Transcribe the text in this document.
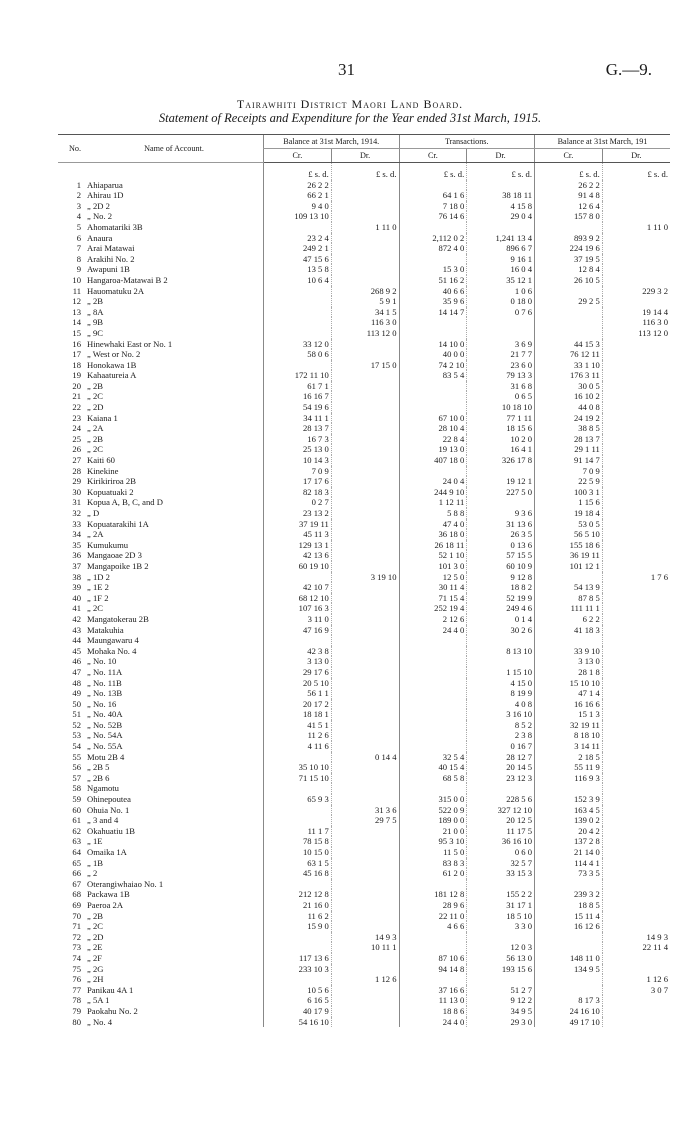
31	G.—9.
Tairawhiti District Maori Land Board.
Statement of Receipts and Expenditure for the Year ended 31st March, 1915.
No.	Name of Account.	Balance at 31st March, 1914.		Transactions.		Balance at 31st March, 191	
		Cr.	Dr.	Cr.	Dr.	Cr.	Dr.
		£ s. d.	£ s. d.	£ s. d.	£ s. d.	£ s. d.	£ s. d.
1	Ahiaparua	26 2 2				26 2 2	
2	Ahirau 1D	66 2 1		64 1 6	38 18 11	91 4 8	
3	„ 2D 2	9 4 0		7 18 0	4 15 8	12 6 4	
4	„ No. 2	109 13 10		76 14 6	29 0 4	157 8 0	
5	Ahomatariki 3B		1 11 0				1 11 0
6	Anaura	23 2 4		2,112 0 2	1,241 13 4	893 9 2	
7	Arai Matawai	249 2 1		872 4 0	896 6 7	224 19 6	
8	Arakihi No. 2	47 15 6			9 16 1	37 19 5	
9	Awapuni 1B	13 5 8		15 3 0	16 0 4	12 8 4	
10	Hangaroa-Matawai B 2	10 6 4		51 16 2	35 12 1	26 10 5	
11	Hauomatuku 2A		268 9 2	40 6 6	1 0 6		229 3 2
12	„ 2B		5 9 1	35 9 6	0 18 0	29 2 5	
13	„ 8A		34 1 5	14 14 7	0 7 6		19 14 4
14	„ 9B		116 3 0				116 3 0
15	„ 9C		113 12 0				113 12 0
16	Hinewhaki East or No. 1	33 12 0		14 10 0	3 6 9	44 15 3	
17	„ West or No. 2	58 0 6		40 0 0	21 7 7	76 12 11	
18	Honokawa 1B		17 15 0	74 2 10	23 6 0	33 1 10	
19	Kahaatureia A	172 11 10		83 5 4	79 13 3	176 3 11	
20	„ 2B	61 7 1			31 6 8	30 0 5	
21	„ 2C	16 16 7			0 6 5	16 10 2	
22	„ 2D	54 19 6			10 18 10	44 0 8	
23	Kaiana 1	34 11 1		67 10 0	77 1 11	24 19 2	
24	„ 2A	28 13 7		28 10 4	18 15 6	38 8 5	
25	„ 2B	16 7 3		22 8 4	10 2 0	28 13 7	
26	„ 2C	25 13 0		19 13 0	16 4 1	29 1 11	
27	Kaiti 60	10 14 3		407 18 0	326 17 8	91 14 7	
28	Kinekine	7 0 9				7 0 9	
29	Kirikiriroa 2B	17 17 6		24 0 4	19 12 1	22 5 9	
30	Kopuatuaki 2	82 18 3		244 9 10	227 5 0	100 3 1	
31	Kopua A, B, C, and D	0 2 7		1 12 11		1 15 6	
32	„ D	23 13 2		5 8 8	9 3 6	19 18 4	
33	Kopuatarakihi 1A	37 19 11		47 4 0	31 13 6	53 0 5	
34	„ 2A	45 11 3		36 18 0	26 3 5	56 5 10	
35	Kumukumu	129 13 1		26 18 11	0 13 6	155 18 6	
36	Mangaoae 2D 3	42 13 6		52 1 10	57 15 5	36 19 11	
37	Mangapoike 1B 2	60 19 10		101 3 0	60 10 9	101 12 1	
38	„ 1D 2		3 19 10	12 5 0	9 12 8		1 7 6
39	„ 1E 2	42 10 7		30 11 4	18 8 2	54 13 9	
40	„ 1F 2	68 12 10		71 15 4	52 19 9	87 8 5	
41	„ 2C	107 16 3		252 19 4	249 4 6	111 11 1	
42	Mangatokerau 2B	3 11 0		2 12 6	0 1 4	6 2 2	
43	Matakuhia	47 16 9		24 4 0	30 2 6	41 18 3	
44	Maungawaru 4						
45	Mohaka No. 4	42 3 8			8 13 10	33 9 10	
46	„ No. 10	3 13 0				3 13 0	
47	„ No. 11A	29 17 6			1 15 10	28 1 8	
48	„ No. 11B	20 5 10			4 15 0	15 10 10	
49	„ No. 13B	56 1 1			8 19 9	47 1 4	
50	„ No. 16	20 17 2			4 0 8	16 16 6	
51	„ No. 40A	18 18 1			3 16 10	15 1 3	
52	„ No. 52B	41 5 1			8 5 2	32 19 11	
53	„ No. 54A	11 2 6			2 3 8	8 18 10	
54	„ No. 55A	4 11 6			0 16 7	3 14 11	
55	Motu 2B 4		0 14 4	32 5 4	28 12 7	2 18 5	
56	„ 2B 5	35 10 10		40 15 4	20 14 5	55 11 9	
57	„ 2B 6	71 15 10		68 5 8	23 12 3	116 9 3	
58	Ngamotu						
59	Ohinepoutea	65 9 3		315 0 0	228 5 6	152 3 9	
60	Ohuia No. 1		31 3 6	522 0 9	327 12 10	163 4 5	
61	„ 3 and 4		29 7 5	189 0 0	20 12 5	139 0 2	
62	Okahuatiu 1B	11 1 7		21 0 0	11 17 5	20 4 2	
63	„ 1E	78 15 8		95 3 10	36 16 10	137 2 8	
64	Omaika 1A	10 15 0		11 5 0	0 6 0	21 14 0	
65	„ 1B	63 1 5		83 8 3	32 5 7	114 4 1	
66	„ 2	45 16 8		61 2 0	33 15 3	73 3 5	
67	Oterangiwhaiao No. 1						
68	Packawa 1B	212 12 8		181 12 8	155 2 2	239 3 2	
69	Paeroa 2A	21 16 0		28 9 6	31 17 1	18 8 5	
70	„ 2B	11 6 2		22 11 0	18 5 10	15 11 4	
71	„ 2C	15 9 0		4 6 6	3 3 0	16 12 6	
72	„ 2D		14 9 3				14 9 3
73	„ 2E		10 11 1		12 0 3		22 11 4
74	„ 2F	117 13 6		87 10 6	56 13 0	148 11 0	
75	„ 2G	233 10 3		94 14 8	193 15 6	134 9 5	
76	„ 2H		1 12 6				1 12 6
77	Panikau 4A 1	10 5 6		37 16 6	51 2 7		3 0 7
78	„ 5A 1	6 16 5		11 13 0	9 12 2	8 17 3	
79	Paokahu No. 2	40 17 9		18 8 6	34 9 5	24 16 10	
80	„ No. 4	54 16 10		24 4 0	29 3 0	49 17 10	
